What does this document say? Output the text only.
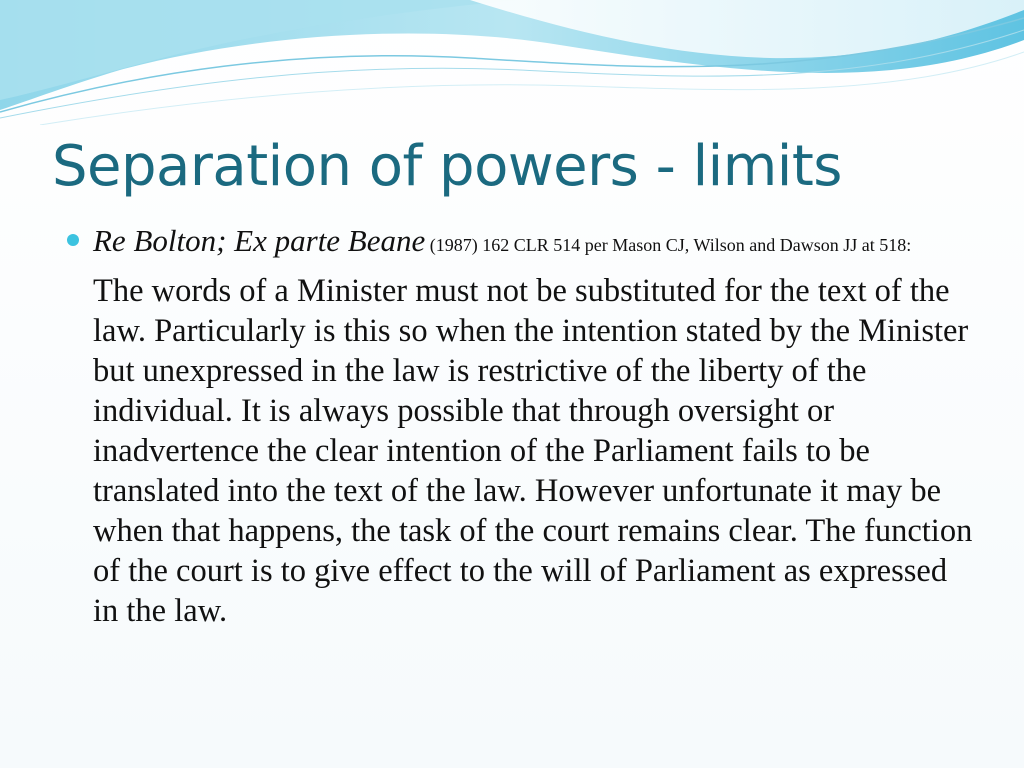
Separation of powers - limits

Re Bolton; Ex parte Beane (1987) 162 CLR 514 per Mason CJ, Wilson and Dawson JJ at 518:

The words of a Minister must not be substituted for the text of the law. Particularly is this so when the intention stated by the Minister but unexpressed in the law is restrictive of the liberty of the individual. It is always possible that through oversight or inadvertence the clear intention of the Parliament fails to be translated into the text of the law. However unfortunate it may be when that happens, the task of the court remains clear. The function of the court is to give effect to the will of Parliament as expressed in the law.
